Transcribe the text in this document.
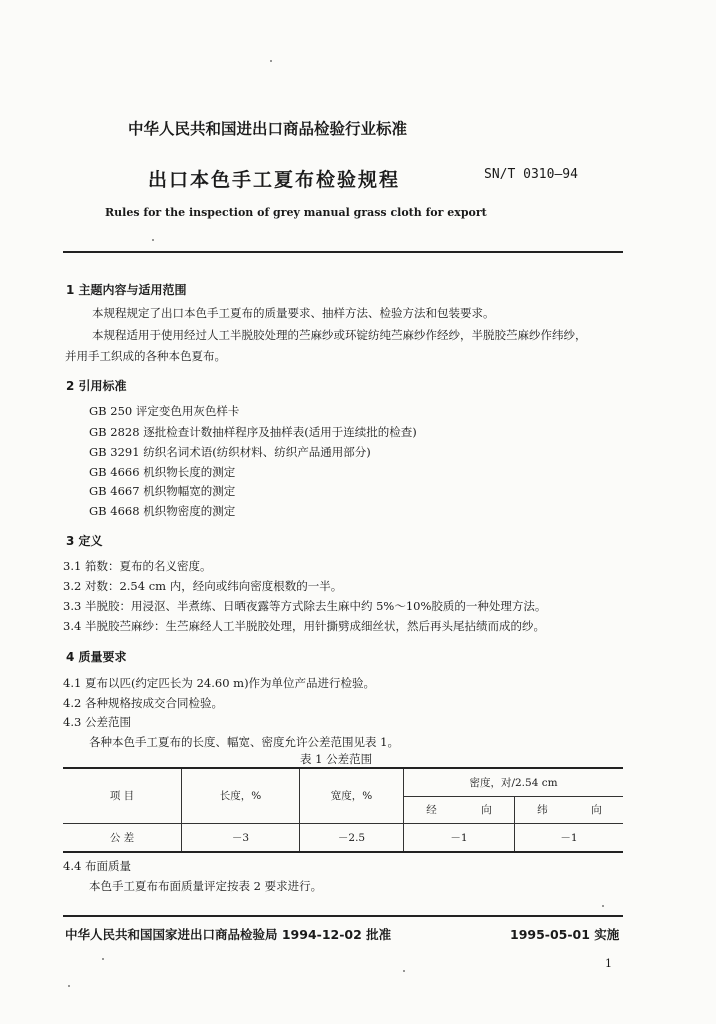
中华人民共和国进出口商品检验行业标准
出口本色手工夏布检验规程	SN/T 0310—94
Rules for the inspection of grey manual grass cloth for export
1 主题内容与适用范围
本规程规定了出口本色手工夏布的质量要求、抽样方法、检验方法和包装要求。
本规程适用于使用经过人工半脱胶处理的苎麻纱或环锭纺纯苎麻纱作经纱，半脱胶苎麻纱作纬纱，
并用手工织成的各种本色夏布。
2 引用标准
GB 250 评定变色用灰色样卡
GB 2828 逐批检查计数抽样程序及抽样表(适用于连续批的检查)
GB 3291 纺织名词术语(纺织材料、纺织产品通用部分)
GB 4666 机织物长度的测定
GB 4667 机织物幅宽的测定
GB 4668 机织物密度的测定
3 定义
3.1 筘数：夏布的名义密度。
3.2 对数：2.54 cm 内，经向或纬向密度根数的一半。
3.3 半脱胶：用浸沤、半煮练、日晒夜露等方式除去生麻中约 5%～10%胶质的一种处理方法。
3.4 半脱胶苎麻纱：生苎麻经人工半脱胶处理，用针撕劈成细丝状，然后再头尾拈绩而成的纱。
4 质量要求
4.1 夏布以匹(约定匹长为 24.60 m)作为单位产品进行检验。
4.2 各种规格按成交合同检验。
4.3 公差范围
各种本色手工夏布的长度、幅宽、密度允许公差范围见表 1。
表 1 公差范围
项 目	长度，%	宽度，%	密度，对/2.54 cm			
			经	向	纬	向
公 差	－3	－2.5	－1		－1	
4.4 布面质量
本色手工夏布布面质量评定按表 2 要求进行。
中华人民共和国国家进出口商品检验局 1994-12-02 批准	1995-05-01 实施
1
